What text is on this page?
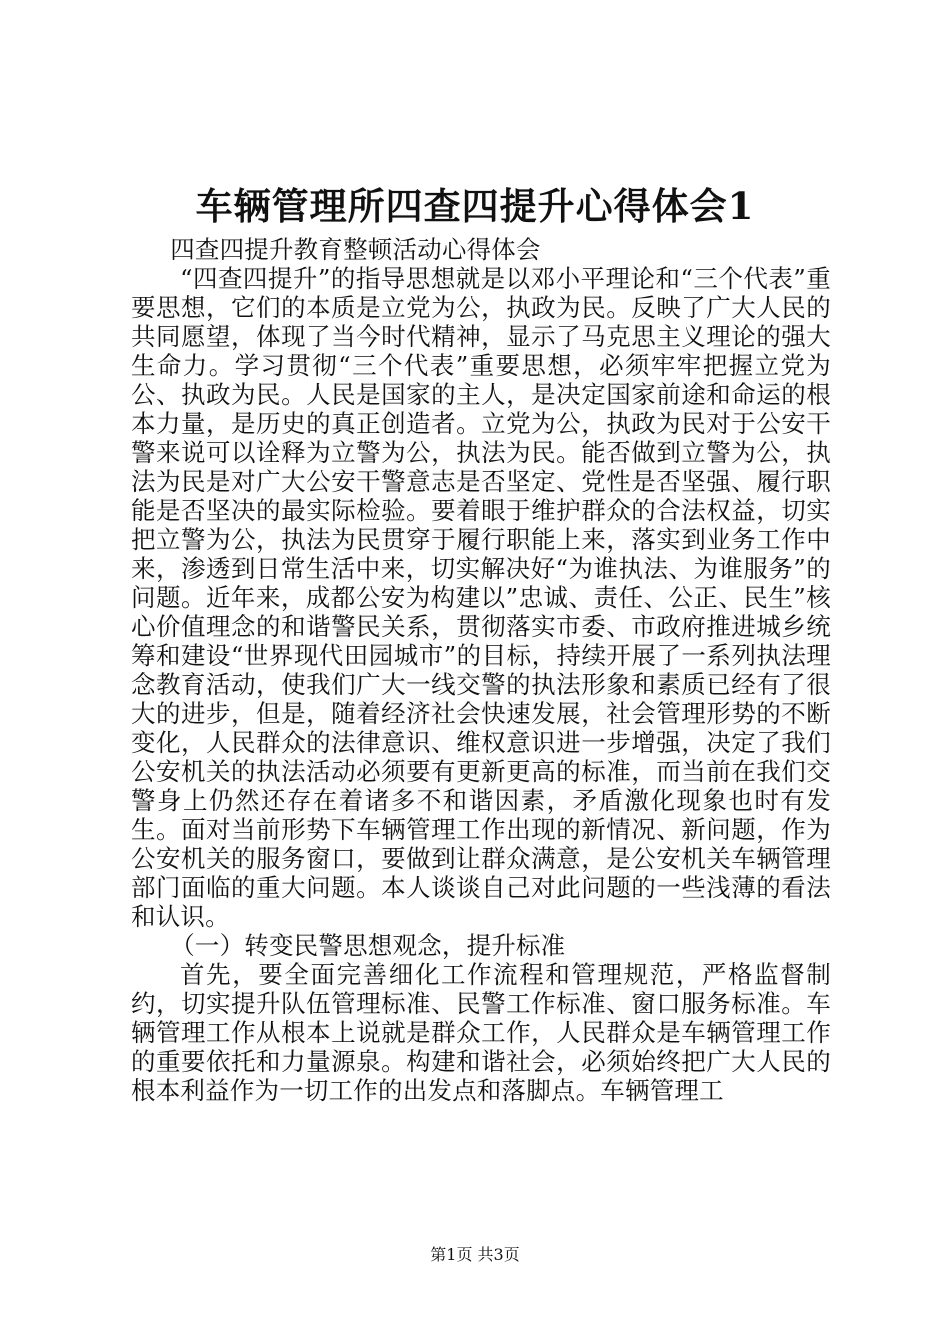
车辆管理所四查四提升心得体会1

四查四提升教育整顿活动心得体会

“四查四提升”的指导思想就是以邓小平理论和“三个代表”重要思想，它们的本质是立党为公，执政为民。反映了广大人民的共同愿望，体现了当今时代精神，显示了马克思主义理论的强大生命力。学习贯彻“三个代表”重要思想，必须牢牢把握立党为公、执政为民。人民是国家的主人，是决定国家前途和命运的根本力量，是历史的真正创造者。立党为公，执政为民对于公安干警来说可以诠释为立警为公，执法为民。能否做到立警为公，执法为民是对广大公安干警意志是否坚定、党性是否坚强、履行职能是否坚决的最实际检验。要着眼于维护群众的合法权益，切实把立警为公，执法为民贯穿于履行职能上来，落实到业务工作中来，渗透到日常生活中来，切实解决好“为谁执法、为谁服务”的问题。近年来，成都公安为构建以”忠诚、责任、公正、民生”核心价值理念的和谐警民关系，贯彻落实市委、市政府推进城乡统筹和建设“世界现代田园城市”的目标，持续开展了一系列执法理念教育活动，使我们广大一线交警的执法形象和素质已经有了很大的进步，但是，随着经济社会快速发展，社会管理形势的不断变化，人民群众的法律意识、维权意识进一步增强，决定了我们公安机关的执法活动必须要有更新更高的标准，而当前在我们交警身上仍然还存在着诸多不和谐因素，矛盾激化现象也时有发生。面对当前形势下车辆管理工作出现的新情况、新问题，作为公安机关的服务窗口，要做到让群众满意，是公安机关车辆管理部门面临的重大问题。本人谈谈自己对此问题的一些浅薄的看法和认识。

（一）转变民警思想观念，提升标准

首先，要全面完善细化工作流程和管理规范，严格监督制约，切实提升队伍管理标准、民警工作标准、窗口服务标准。车辆管理工作从根本上说就是群众工作，人民群众是车辆管理工作的重要依托和力量源泉。构建和谐社会，必须始终把广大人民的根本利益作为一切工作的出发点和落脚点。车辆管理工

第1页 共3页
